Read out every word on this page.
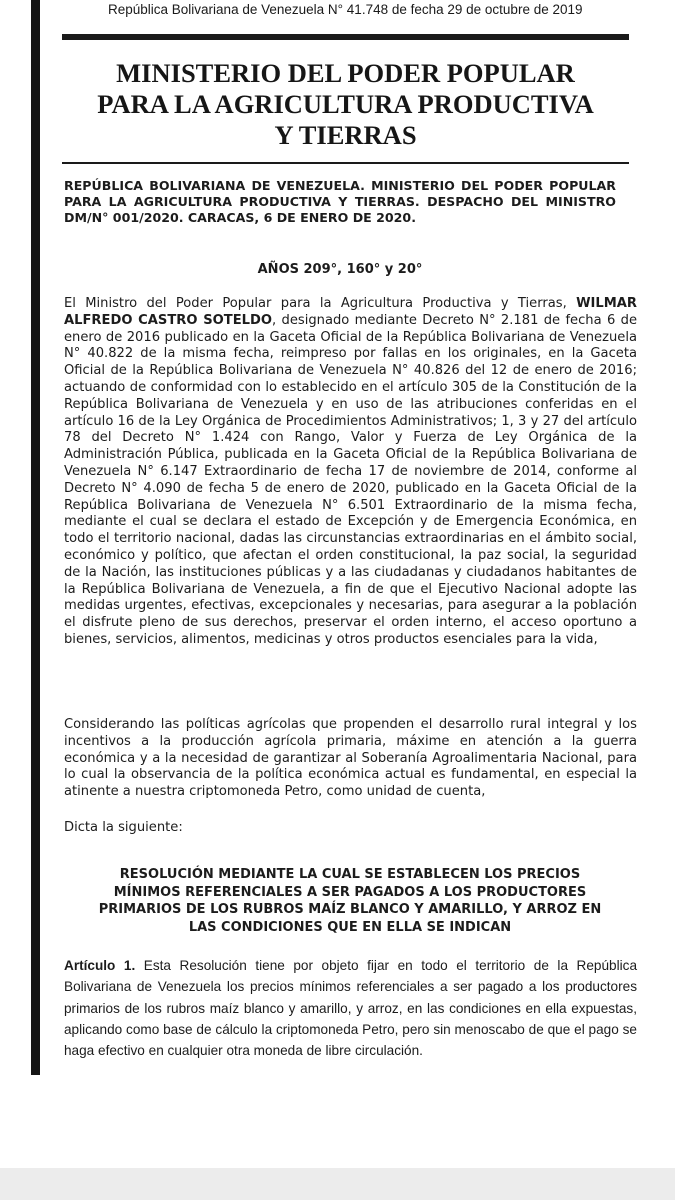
República Bolivariana de Venezuela N° 41.748 de fecha 29 de octubre de 2019
MINISTERIO DEL PODER POPULAR
PARA LA AGRICULTURA PRODUCTIVA
Y TIERRAS
REPÚBLICA BOLIVARIANA DE VENEZUELA. MINISTERIO DEL PODER POPULAR PARA LA AGRICULTURA PRODUCTIVA Y TIERRAS. DESPACHO DEL MINISTRO DM/N° 001/2020. CARACAS, 6 DE ENERO DE 2020.
AÑOS 209°, 160° y 20°
El Ministro del Poder Popular para la Agricultura Productiva y Tierras, WILMAR ALFREDO CASTRO SOTELDO, designado mediante Decreto N° 2.181 de fecha 6 de enero de 2016 publicado en la Gaceta Oficial de la República Bolivariana de Venezuela N° 40.822 de la misma fecha, reimpreso por fallas en los originales, en la Gaceta Oficial de la República Bolivariana de Venezuela N° 40.826 del 12 de enero de 2016; actuando de conformidad con lo establecido en el artículo 305 de la Constitución de la República Bolivariana de Venezuela y en uso de las atribuciones conferidas en el artículo 16 de la Ley Orgánica de Procedimientos Administrativos; 1, 3 y 27 del artículo 78 del Decreto N° 1.424 con Rango, Valor y Fuerza de Ley Orgánica de la Administración Pública, publicada en la Gaceta Oficial de la República Bolivariana de Venezuela N° 6.147 Extraordinario de fecha 17 de noviembre de 2014, conforme al Decreto N° 4.090 de fecha 5 de enero de 2020, publicado en la Gaceta Oficial de la República Bolivariana de Venezuela N° 6.501 Extraordinario de la misma fecha, mediante el cual se declara el estado de Excepción y de Emergencia Económica, en todo el territorio nacional, dadas las circunstancias extraordinarias en el ámbito social, económico y político, que afectan el orden constitucional, la paz social, la seguridad de la Nación, las instituciones públicas y a las ciudadanas y ciudadanos habitantes de la República Bolivariana de Venezuela, a fin de que el Ejecutivo Nacional adopte las medidas urgentes, efectivas, excepcionales y necesarias, para asegurar a la población el disfrute pleno de sus derechos, preservar el orden interno, el acceso oportuno a bienes, servicios, alimentos, medicinas y otros productos esenciales para la vida,
Considerando las políticas agrícolas que propenden el desarrollo rural integral y los incentivos a la producción agrícola primaria, máxime en atención a la guerra económica y a la necesidad de garantizar al Soberanía Agroalimentaria Nacional, para lo cual la observancia de la política económica actual es fundamental, en especial la atinente a nuestra criptomoneda Petro, como unidad de cuenta,
Dicta la siguiente:
RESOLUCIÓN MEDIANTE LA CUAL SE ESTABLECEN LOS PRECIOS
MÍNIMOS REFERENCIALES A SER PAGADOS A LOS PRODUCTORES
PRIMARIOS DE LOS RUBROS MAÍZ BLANCO Y AMARILLO, Y ARROZ EN
LAS CONDICIONES QUE EN ELLA SE INDICAN
Artículo 1. Esta Resolución tiene por objeto fijar en todo el territorio de la República Bolivariana de Venezuela los precios mínimos referenciales a ser pagado a los productores primarios de los rubros maíz blanco y amarillo, y arroz, en las condiciones en ella expuestas, aplicando como base de cálculo la criptomoneda Petro, pero sin menoscabo de que el pago se haga efectivo en cualquier otra moneda de libre circulación.
